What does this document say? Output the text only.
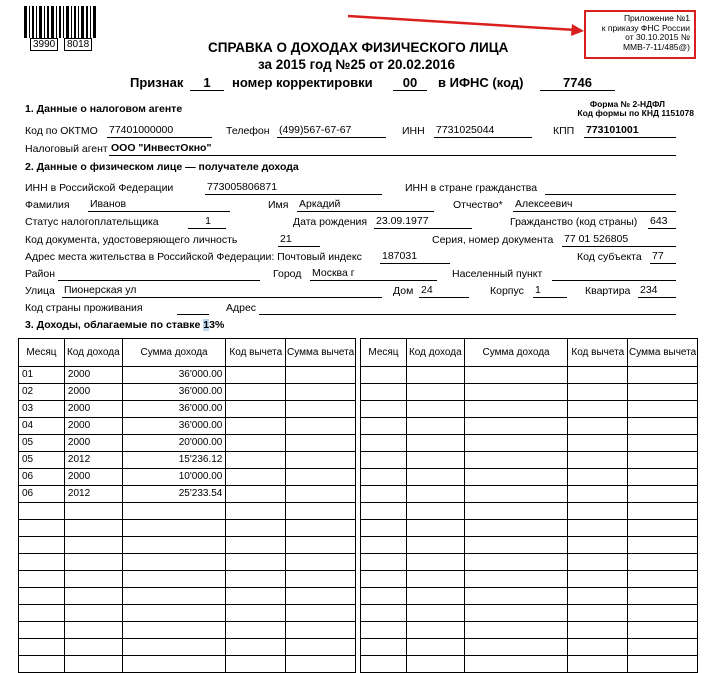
3990	8018
Приложение №1
к приказу ФНС России
от 30.10.2015 №
ММВ-7-11/485@)
СПРАВКА О ДОХОДАХ ФИЗИЧЕСКОГО ЛИЦА
за 2015 год №25 от 20.02.2016
Признак	1	номер корректировки	00	в ИФНС (код)	7746
Форма № 2-НДФЛ
Код формы по КНД 1151078
1. Данные о налоговом агенте
Код по ОКТМО 77401000000	Телефон (499)567-67-67	ИНН 7731025044	КПП 773101001
Налоговый агент ООО "ИнвестОкно"
2. Данные о физическом лице — получателе дохода
ИНН в Российской Федерации	773005806871	ИНН в стране гражданства
Фамилия Иванов	Имя Аркадий	Отчество* Алексеевич
Статус налогоплательщика	1	Дата рождения 23.09.1977	Гражданство (код страны) 643
Код документа, удостоверяющего личность	21	Серия, номер документа 77 01 526805
Адрес места жительства в Российской Федерации: Почтовый индекс 187031	Код субъекта 77
Район	Город Москва г	Населенный пункт
Улица Пионерская ул	Дом 24	Корпус 1	Квартира 234
Код страны проживания	Адрес
3. Доходы, облагаемые по ставке 13%
Месяц	Код дохода	Сумма дохода	Код вычета	Сумма вычета
01	2000	36'000.00		
02	2000	36'000.00		
03	2000	36'000.00		
04	2000	36'000.00		
05	2000	20'000.00		
05	2012	15'236.12		
06	2000	10'000.00		
06	2012	25'233.54		

Месяц	Код дохода	Сумма дохода	Код вычета	Сумма вычета
